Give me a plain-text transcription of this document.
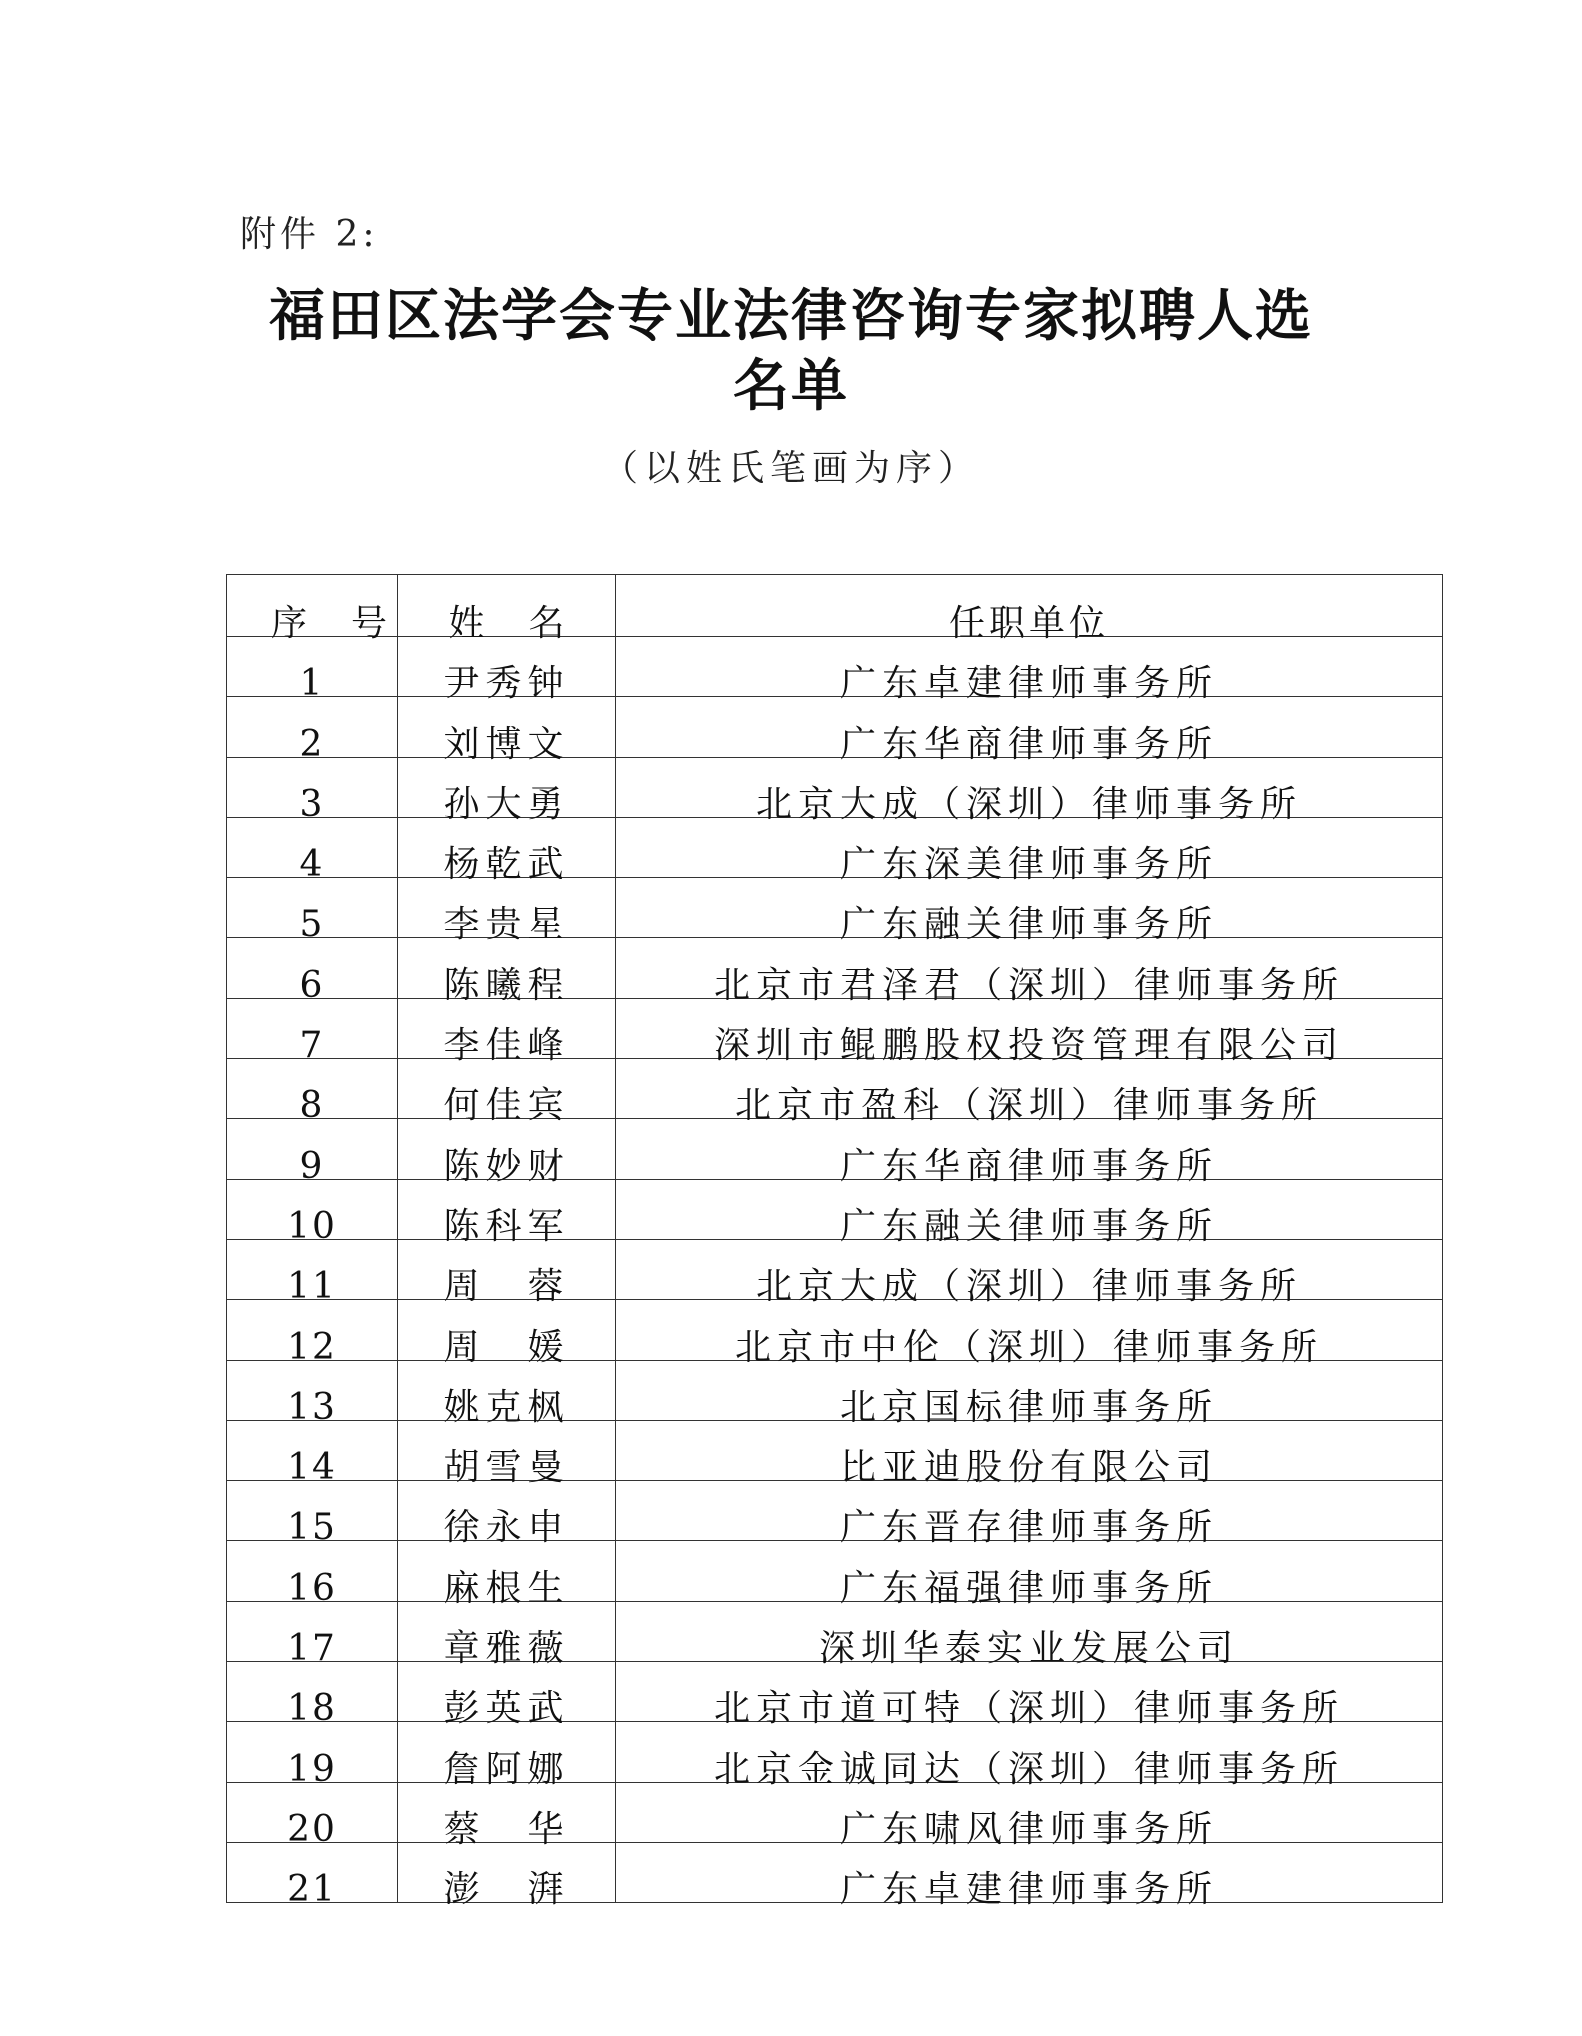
附件 2:
福田区法学会专业法律咨询专家拟聘人选
名单
（以姓氏笔画为序）
序号	姓名	任职单位

1	尹秀钟	广东卓建律师事务所

2	刘博文	广东华商律师事务所

3	孙大勇	北京大成（深圳）律师事务所

4	杨乾武	广东深美律师事务所

5	李贵星	广东融关律师事务所

6	陈曦程	北京市君泽君（深圳）律师事务所

7	李佳峰	深圳市鲲鹏股权投资管理有限公司

8	何佳宾	北京市盈科（深圳）律师事务所

9	陈妙财	广东华商律师事务所

10	陈科军	广东融关律师事务所

11	周　蓉	北京大成（深圳）律师事务所

12	周　媛	北京市中伦（深圳）律师事务所

13	姚克枫	北京国标律师事务所

14	胡雪曼	比亚迪股份有限公司

15	徐永申	广东晋存律师事务所

16	麻根生	广东福强律师事务所

17	章雅薇	深圳华泰实业发展公司

18	彭英武	北京市道可特（深圳）律师事务所

19	詹阿娜	北京金诚同达（深圳）律师事务所

20	蔡　华	广东啸风律师事务所

21	澎　湃	广东卓建律师事务所
